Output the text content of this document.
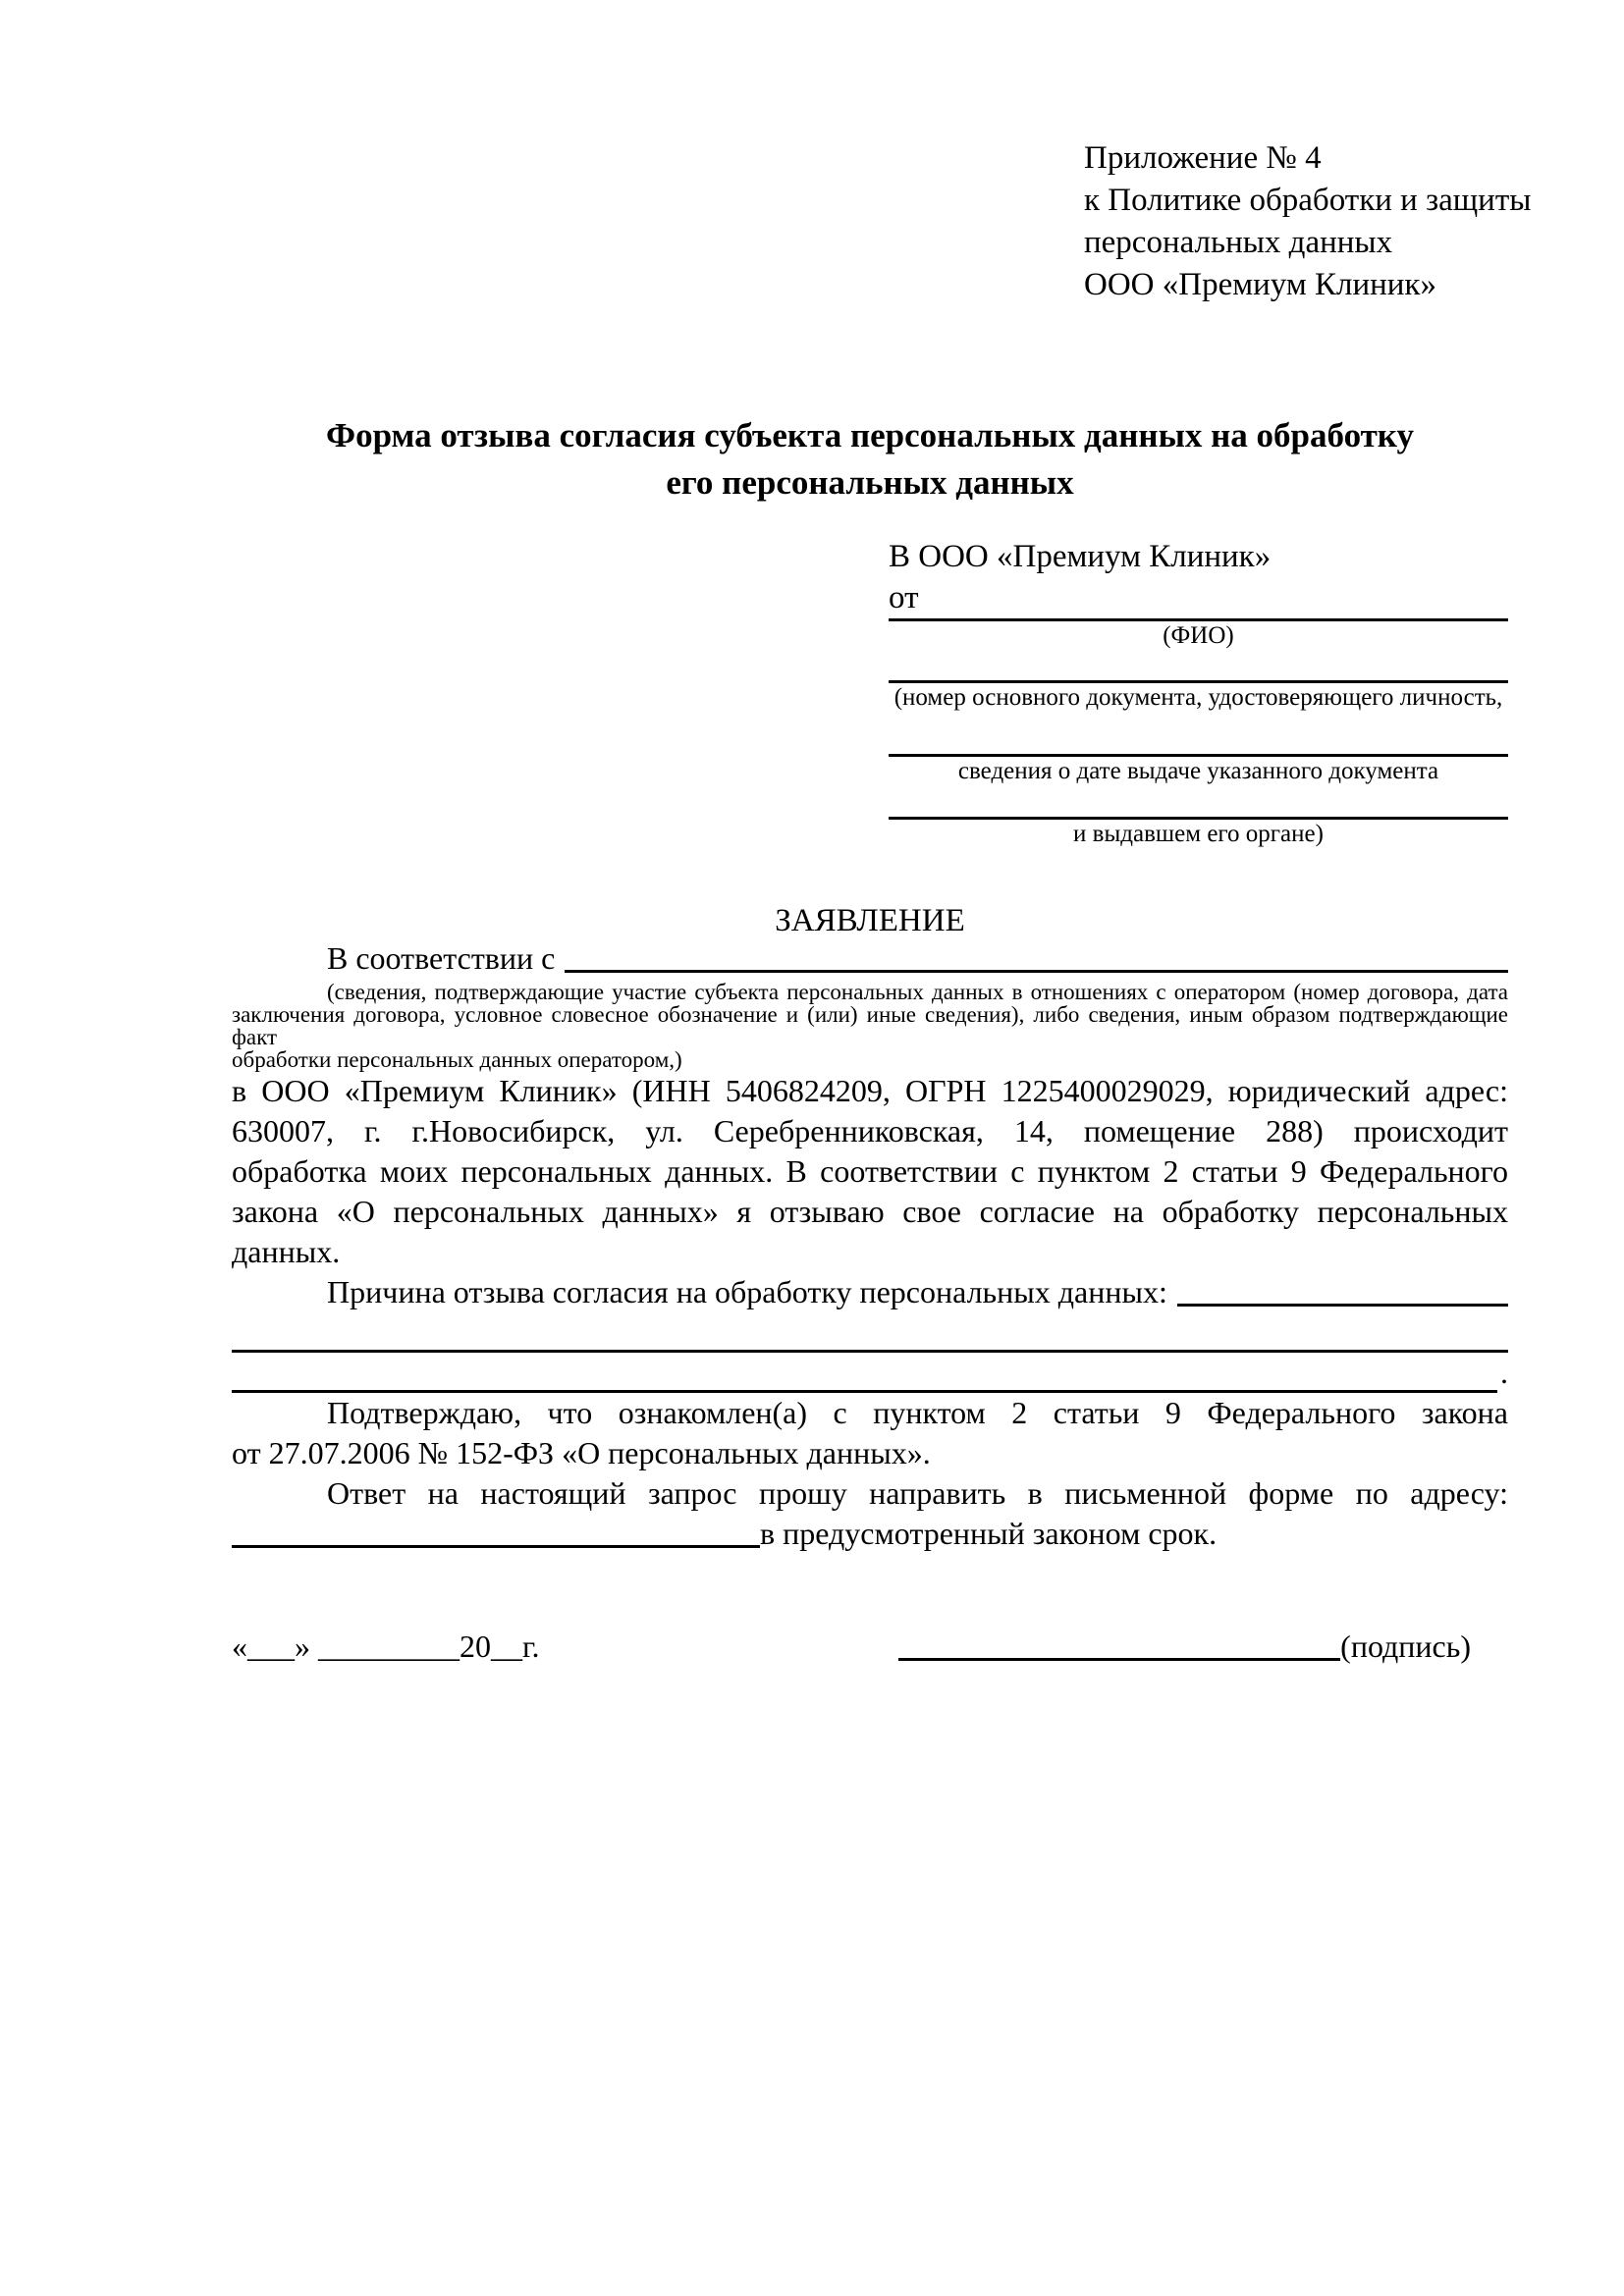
Приложение № 4
к Политике обработки и защиты
персональных данных
ООО «Премиум Клиник»
Форма отзыва согласия субъекта персональных данных на обработку
его персональных данных
В ООО «Премиум Клиник»
от
(ФИО)
(номер основного документа, удостоверяющего личность,
сведения о дате выдаче указанного документа
и выдавшем его органе)
ЗАЯВЛЕНИЕ
В соответствии с
(сведения, подтверждающие участие субъекта персональных данных в отношениях с оператором (номер договора, дата
заключения договора, условное словесное обозначение и (или) иные сведения), либо сведения, иным образом подтверждающие факт
обработки персональных данных оператором,)
в ООО «Премиум Клиник» (ИНН 5406824209, ОГРН 1225400029029, юридический адрес:
630007, г. г.Новосибирск, ул. Серебренниковская, 14, помещение 288) происходит
обработка моих персональных данных. В соответствии с пунктом 2 статьи 9 Федерального
закона «О персональных данных» я отзываю свое согласие на обработку персональных
данных.
Причина отзыва согласия на обработку персональных данных:
.
Подтверждаю, что ознакомлен(а) с пунктом 2 статьи 9 Федерального закона
от 27.07.2006 № 152-ФЗ «О персональных данных».
Ответ на настоящий запрос прошу направить в письменной форме по адресу:
в предусмотренный законом срок.
«___» _________20__г.	(подпись)
